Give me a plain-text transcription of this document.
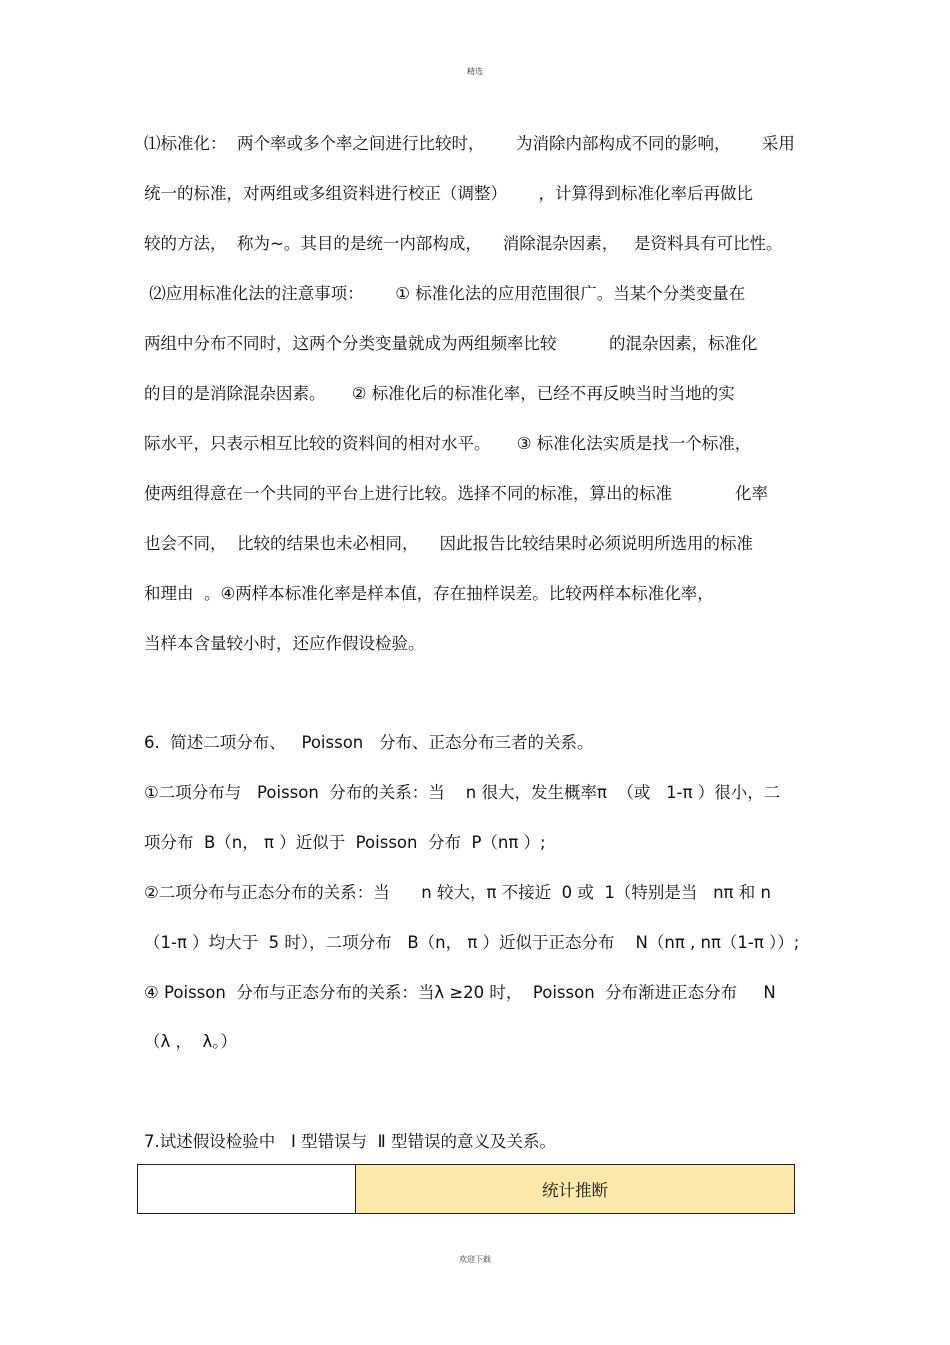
精选
⑴标准化：  两个率或多个率之间进行比较时，      为消除内部构成不同的影响，      采用
统一的标准，对两组或多组资料进行校正（调整）      ，计算得到标准化率后再做比
较的方法，  称为~。其目的是统一内部构成，    消除混杂因素，   是资料具有可比性。
⑵应用标准化法的注意事项：      ① 标准化法的应用范围很广。当某个分类变量在
两组中分布不同时，这两个分类变量就成为两组频率比较          的混杂因素，标准化
的目的是消除混杂因素。     ② 标准化后的标准化率，已经不再反映当时当地的实
际水平，只表示相互比较的资料间的相对水平。     ③ 标准化法实质是找一个标准，
使两组得意在一个共同的平台上进行比较。选择不同的标准，算出的标准            化率
也会不同，  比较的结果也未必相同，    因此报告比较结果时必须说明所选用的标准
和理由  。④两样本标准化率是样本值，存在抽样误差。比较两样本标准化率，
当样本含量较小时，还应作假设检验。
6.  简述二项分布、   Poisson   分布、正态分布三者的关系。
①二项分布与   Poisson  分布的关系：当    n 很大，发生概率π  （或   1-π ）很小，二
项分布  B（n， π ）近似于  Poisson  分布  P（nπ ）;
②二项分布与正态分布的关系：当      n 较大，π 不接近  0 或  1（特别是当   nπ 和 n
（1-π ）均大于  5 时），二项分布   B（n， π ）近似于正态分布    N（nπ , nπ（1-π ））;
④ Poisson  分布与正态分布的关系：当λ ≥20 时，  Poisson  分布渐进正态分布     N
（λ ，  λ。）
7.试述假设检验中   Ⅰ 型错误与  Ⅱ 型错误的意义及关系。
	统计推断
欢迎下载
